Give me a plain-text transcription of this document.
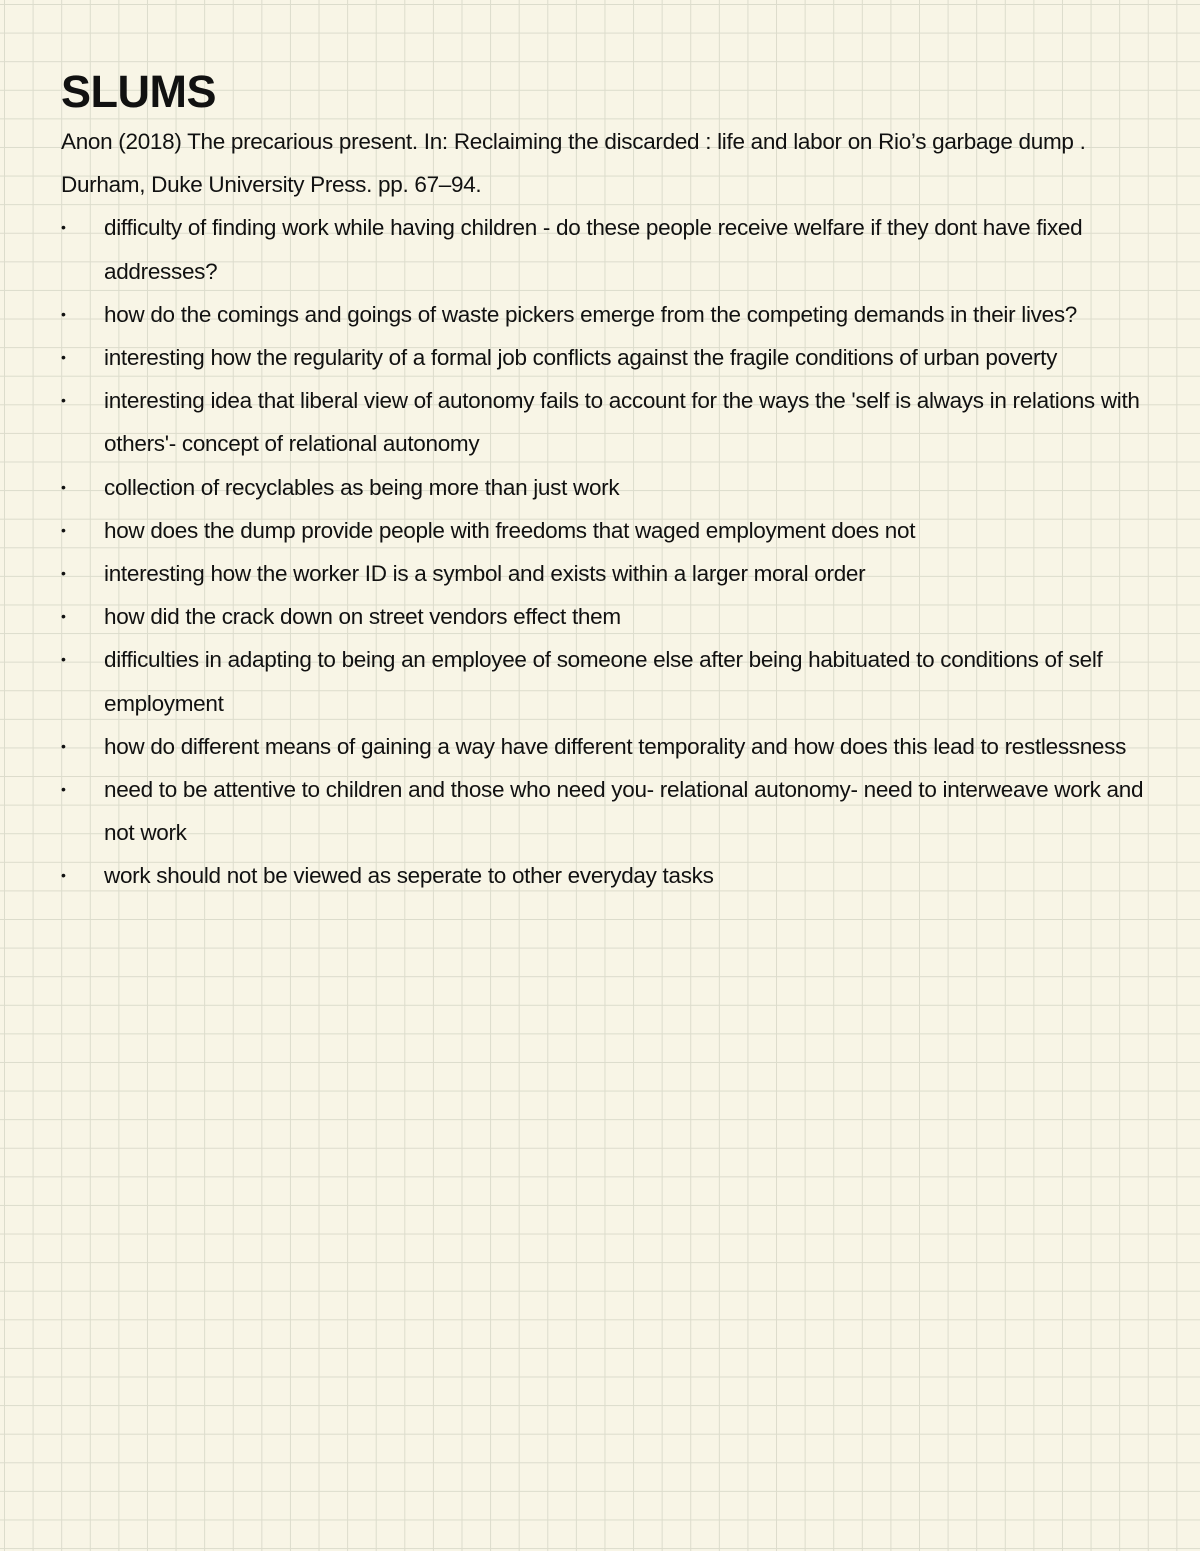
SLUMS

Anon (2018) The precarious present. In: Reclaiming the discarded : life and labor on Rio’s garbage dump . Durham, Duke University Press. pp. 67–94.

• difficulty of finding work while having children - do these people receive welfare if they dont have fixed addresses?
• how do the comings and goings of waste pickers emerge from the competing demands in their lives?
• interesting how the regularity of a formal job conflicts against the fragile conditions of urban poverty
• interesting idea that liberal view of autonomy fails to account for the ways the 'self is always in relations with others'- concept of relational autonomy
• collection of recyclables as being more than just work
• how does the dump provide people with freedoms that waged employment does not
• interesting how the worker ID is a symbol and exists within a larger moral order
• how did the crack down on street vendors effect them
• difficulties in adapting to being an employee of someone else after being habituated to conditions of self employment
• how do different means of gaining a way have different temporality and how does this lead to restlessness
• need to be attentive to children and those who need you- relational autonomy- need to interweave work and not work
• work should not be viewed as seperate to other everyday tasks
